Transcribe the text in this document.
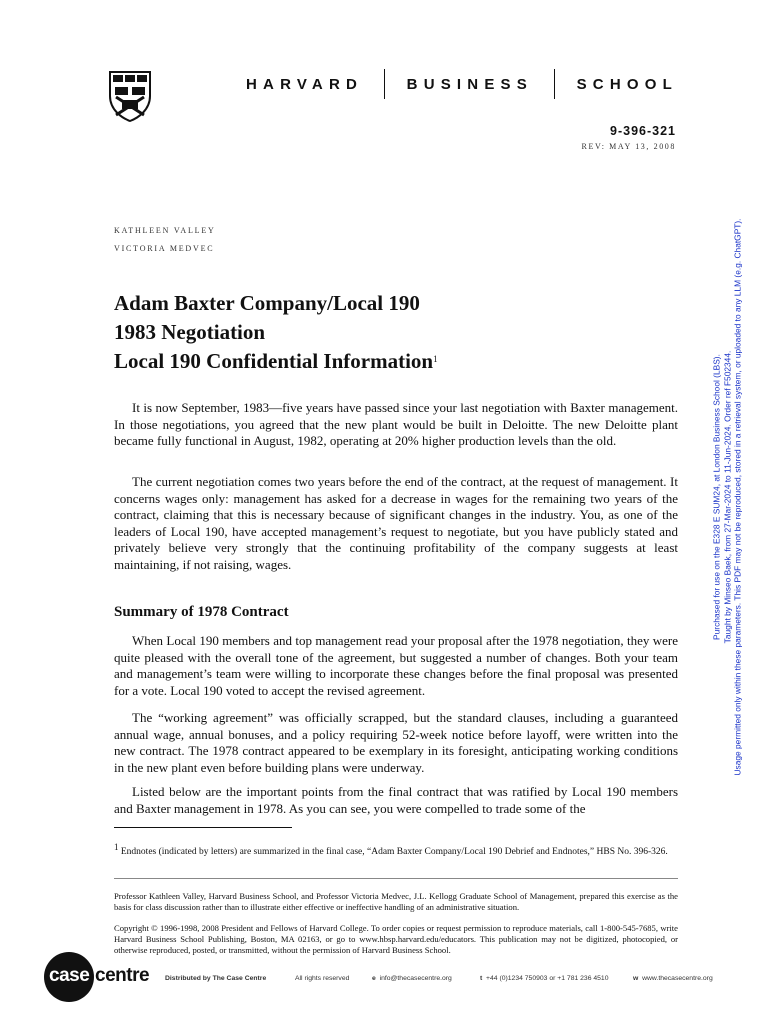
HARVARD	BUSINESS	SCHOOL
9-396-321
REV: MAY 13, 2008
KATHLEEN VALLEY
VICTORIA MEDVEC
Adam Baxter Company/Local 190
1983 Negotiation
Local 190 Confidential Information$^1$

It is now September, 1983—five years have passed since your last negotiation with Baxter management. In those negotiations, you agreed that the new plant would be built in Deloitte. The new Deloitte plant became fully functional in August, 1982, operating at 20% higher production levels than the old.

The current negotiation comes two years before the end of the contract, at the request of management. It concerns wages only: management has asked for a decrease in wages for the remaining two years of the contract, claiming that this is necessary because of significant changes in the industry. You, as one of the leaders of Local 190, have accepted management’s request to negotiate, but you have publicly stated and privately believe very strongly that the continuing profitability of the company suggests at least maintaining, if not raising, wages.

Summary of 1978 Contract

When Local 190 members and top management read your proposal after the 1978 negotiation, they were quite pleased with the overall tone of the agreement, but suggested a number of changes. Both your team and management’s team were willing to incorporate these changes before the final proposal was presented for a vote. Local 190 voted to accept the revised agreement.

The “working agreement” was officially scrapped, but the standard clauses, including a guaranteed annual wage, annual bonuses, and a policy requiring 52-week notice before layoff, were written into the new contract. The 1978 contract appeared to be exemplary in its foresight, anticipating working conditions in the new plant even before building plans were underway.

Listed below are the important points from the final contract that was ratified by Local 190 members and Baxter management in 1978. As you can see, you were compelled to trade some of the

$^1$ Endnotes (indicated by letters) are summarized in the final case, “Adam Baxter Company/Local 190 Debrief and Endnotes,” HBS No. 396-326.
Professor Kathleen Valley, Harvard Business School, and Professor Victoria Medvec, J.L. Kellogg Graduate School of Management, prepared this exercise as the basis for class discussion rather than to illustrate either effective or ineffective handling of an administrative situation.
Copyright © 1996-1998, 2008 President and Fellows of Harvard College. To order copies or request permission to reproduce materials, call 1-800-545-7685, write Harvard Business School Publishing, Boston, MA 02163, or go to www.hbsp.harvard.edu/educators. This publication may not be digitized, photocopied, or otherwise reproduced, posted, or transmitted, without the permission of Harvard Business School.
Purchased for use on the E328 E SUM24, at London Business School (LBS). Taught by Minseo Baek, from 27-Mar-2024 to 11-Jun-2024. Order ref F502344. Usage permitted only within these parameters. This PDF may not be reproduced, stored in a retrieval system, or uploaded to any LLM (e.g. ChatGPT).
case centre Distributed by The Case Centre	All rights reserved	e info@thecasecentre.org	t +44 (0)1234 750903 or +1 781 236 4510	w www.thecasecentre.org
